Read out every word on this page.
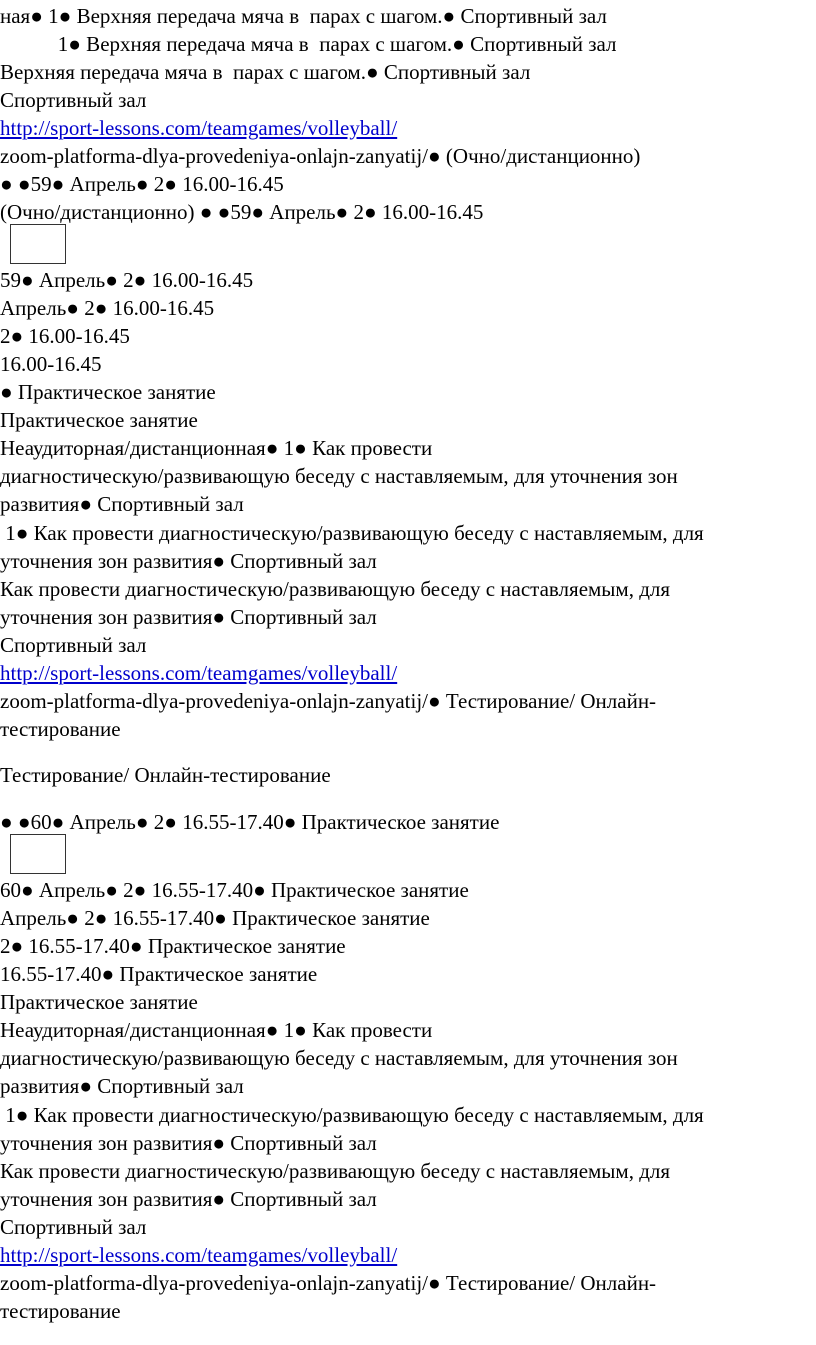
ная● 1● Верхняя передача мяча в  парах с шагом.● Спортивный зал
1● Верхняя передача мяча в  парах с шагом.● Спортивный зал
Верхняя передача мяча в  парах с шагом.● Спортивный зал
Спортивный зал
http://sport-lessons.com/teamgames/volleyball/
zoom-platforma-dlya-provedeniya-onlajn-zanyatij/● (Очно/дистанционно)
● ●59● Апрель● 2● 16.00-16.45
(Очно/дистанционно) ● ●59● Апрель● 2● 16.00-16.45
59● Апрель● 2● 16.00-16.45
Апрель● 2● 16.00-16.45
2● 16.00-16.45
16.00-16.45
● Практическое занятие
Практическое занятие
Неаудиторная/дистанционная● 1● Как провести
диагностическую/развивающую беседу с наставляемым, для уточнения зон
развития● Спортивный зал
1● Как провести диагностическую/развивающую беседу с наставляемым, для
уточнения зон развития● Спортивный зал
Как провести диагностическую/развивающую беседу с наставляемым, для
уточнения зон развития● Спортивный зал
Спортивный зал
http://sport-lessons.com/teamgames/volleyball/
zoom-platforma-dlya-provedeniya-onlajn-zanyatij/● Тестирование/ Онлайн-
тестирование
Тестирование/ Онлайн-тестирование
● ●60● Апрель● 2● 16.55-17.40● Практическое занятие
60● Апрель● 2● 16.55-17.40● Практическое занятие
Апрель● 2● 16.55-17.40● Практическое занятие
2● 16.55-17.40● Практическое занятие
16.55-17.40● Практическое занятие
Практическое занятие
Неаудиторная/дистанционная● 1● Как провести
диагностическую/развивающую беседу с наставляемым, для уточнения зон
развития● Спортивный зал
1● Как провести диагностическую/развивающую беседу с наставляемым, для
уточнения зон развития● Спортивный зал
Как провести диагностическую/развивающую беседу с наставляемым, для
уточнения зон развития● Спортивный зал
Спортивный зал
http://sport-lessons.com/teamgames/volleyball/
zoom-platforma-dlya-provedeniya-onlajn-zanyatij/● Тестирование/ Онлайн-
тестирование
